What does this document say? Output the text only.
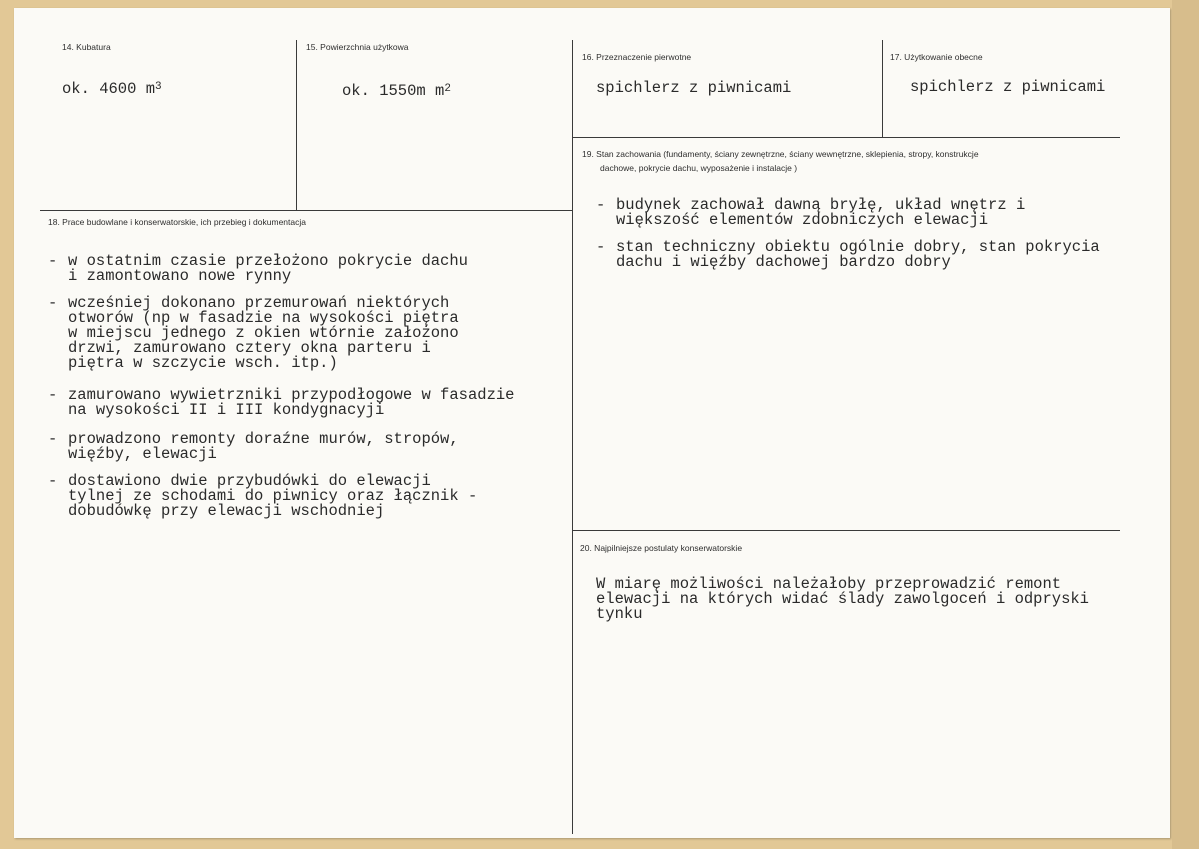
14. Kubatura
ok. 4600 $m^3$
15. Powierzchnia użytkowa
ok. 1550m $m^2$
16. Przeznaczenie pierwotne
spichlerz z piwnicami
17. Użytkowanie obecne
spichlerz z piwnicami
18. Prace budowlane i konserwatorskie, ich przebieg i dokumentacja
- w ostatnim czasie przełożono pokrycie dachu
i zamontowano nowe rynny
- wcześniej dokonano przemurowań niektórych
otworów (np w fasadzie na wysokości piętra
w miejscu jednego z okien wtórnie założono
drzwi, zamurowano cztery okna parteru i
piętra w szczycie wsch. itp.)
- zamurowano wywietrzniki przypodłogowe w fasadzie
na wysokości II i III kondygnacyji
- prowadzono remonty doraźne murów, stropów,
więźby, elewacji
- dostawiono dwie przybudówki do elewacji
tylnej ze schodami do piwnicy oraz łącznik -
dobudówkę przy elewacji wschodniej
19. Stan zachowania (fundamenty, ściany zewnętrzne, ściany wewnętrzne, sklepienia, stropy, konstrukcje
dachowe, pokrycie dachu, wyposażenie i instalacje )
- budynek zachował dawną bryłę, układ wnętrz i
większość elementów zdobniczych elewacji
- stan techniczny obiektu ogólnie dobry, stan pokrycia
dachu i więźby dachowej bardzo dobry
20. Najpilniejsze postulaty konserwatorskie
W miarę możliwości należałoby przeprowadzić remont
elewacji na których widać ślady zawolgoceń i odpryski
tynku
